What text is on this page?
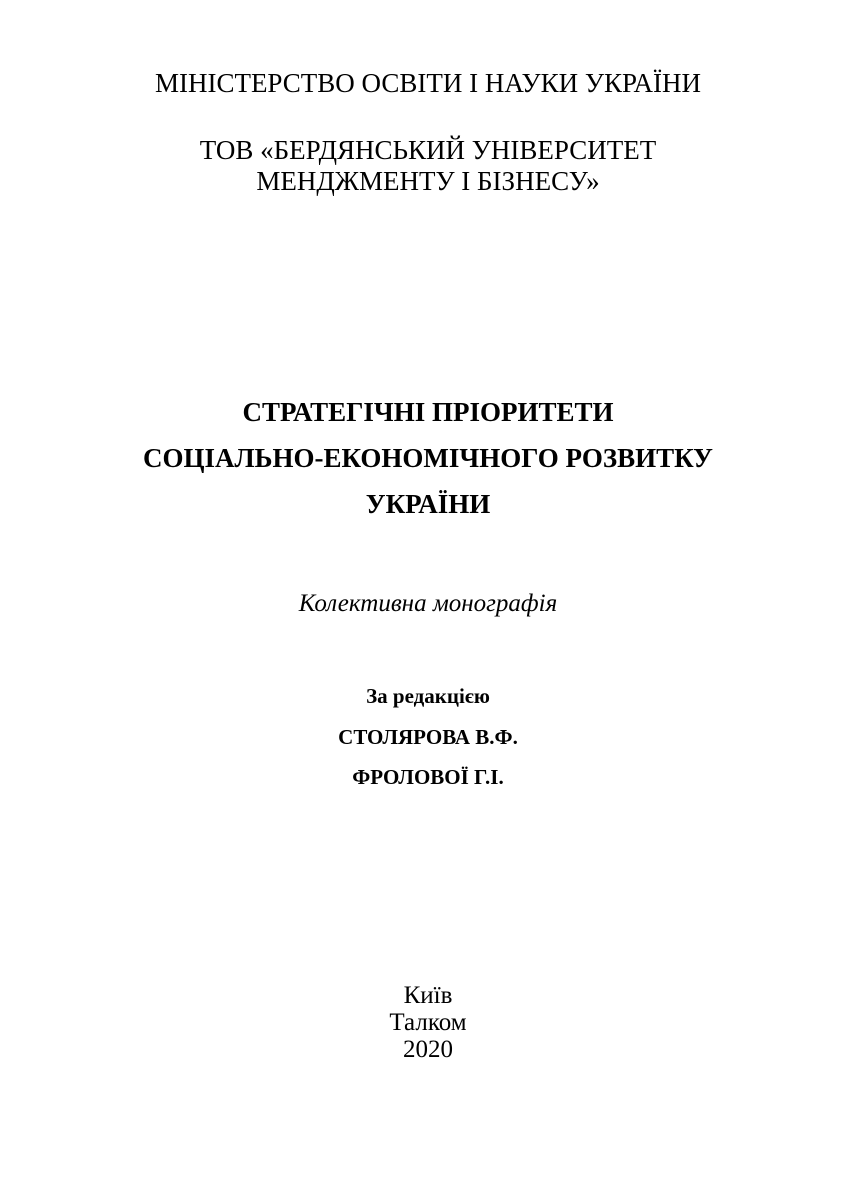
МІНІСТЕРСТВО ОСВІТИ І НАУКИ УКРАЇНИ
ТОВ «БЕРДЯНСЬКИЙ УНІВЕРСИТЕТ
МЕНДЖМЕНТУ І БІЗНЕСУ»
СТРАТЕГІЧНІ ПРІОРИТЕТИ
СОЦІАЛЬНО-ЕКОНОМІЧНОГО РОЗВИТКУ
УКРАЇНИ
Колективна монографія
За редакцією
СТОЛЯРОВА В.Ф.
ФРОЛОВОЇ Г.І.
Київ
Талком
2020
